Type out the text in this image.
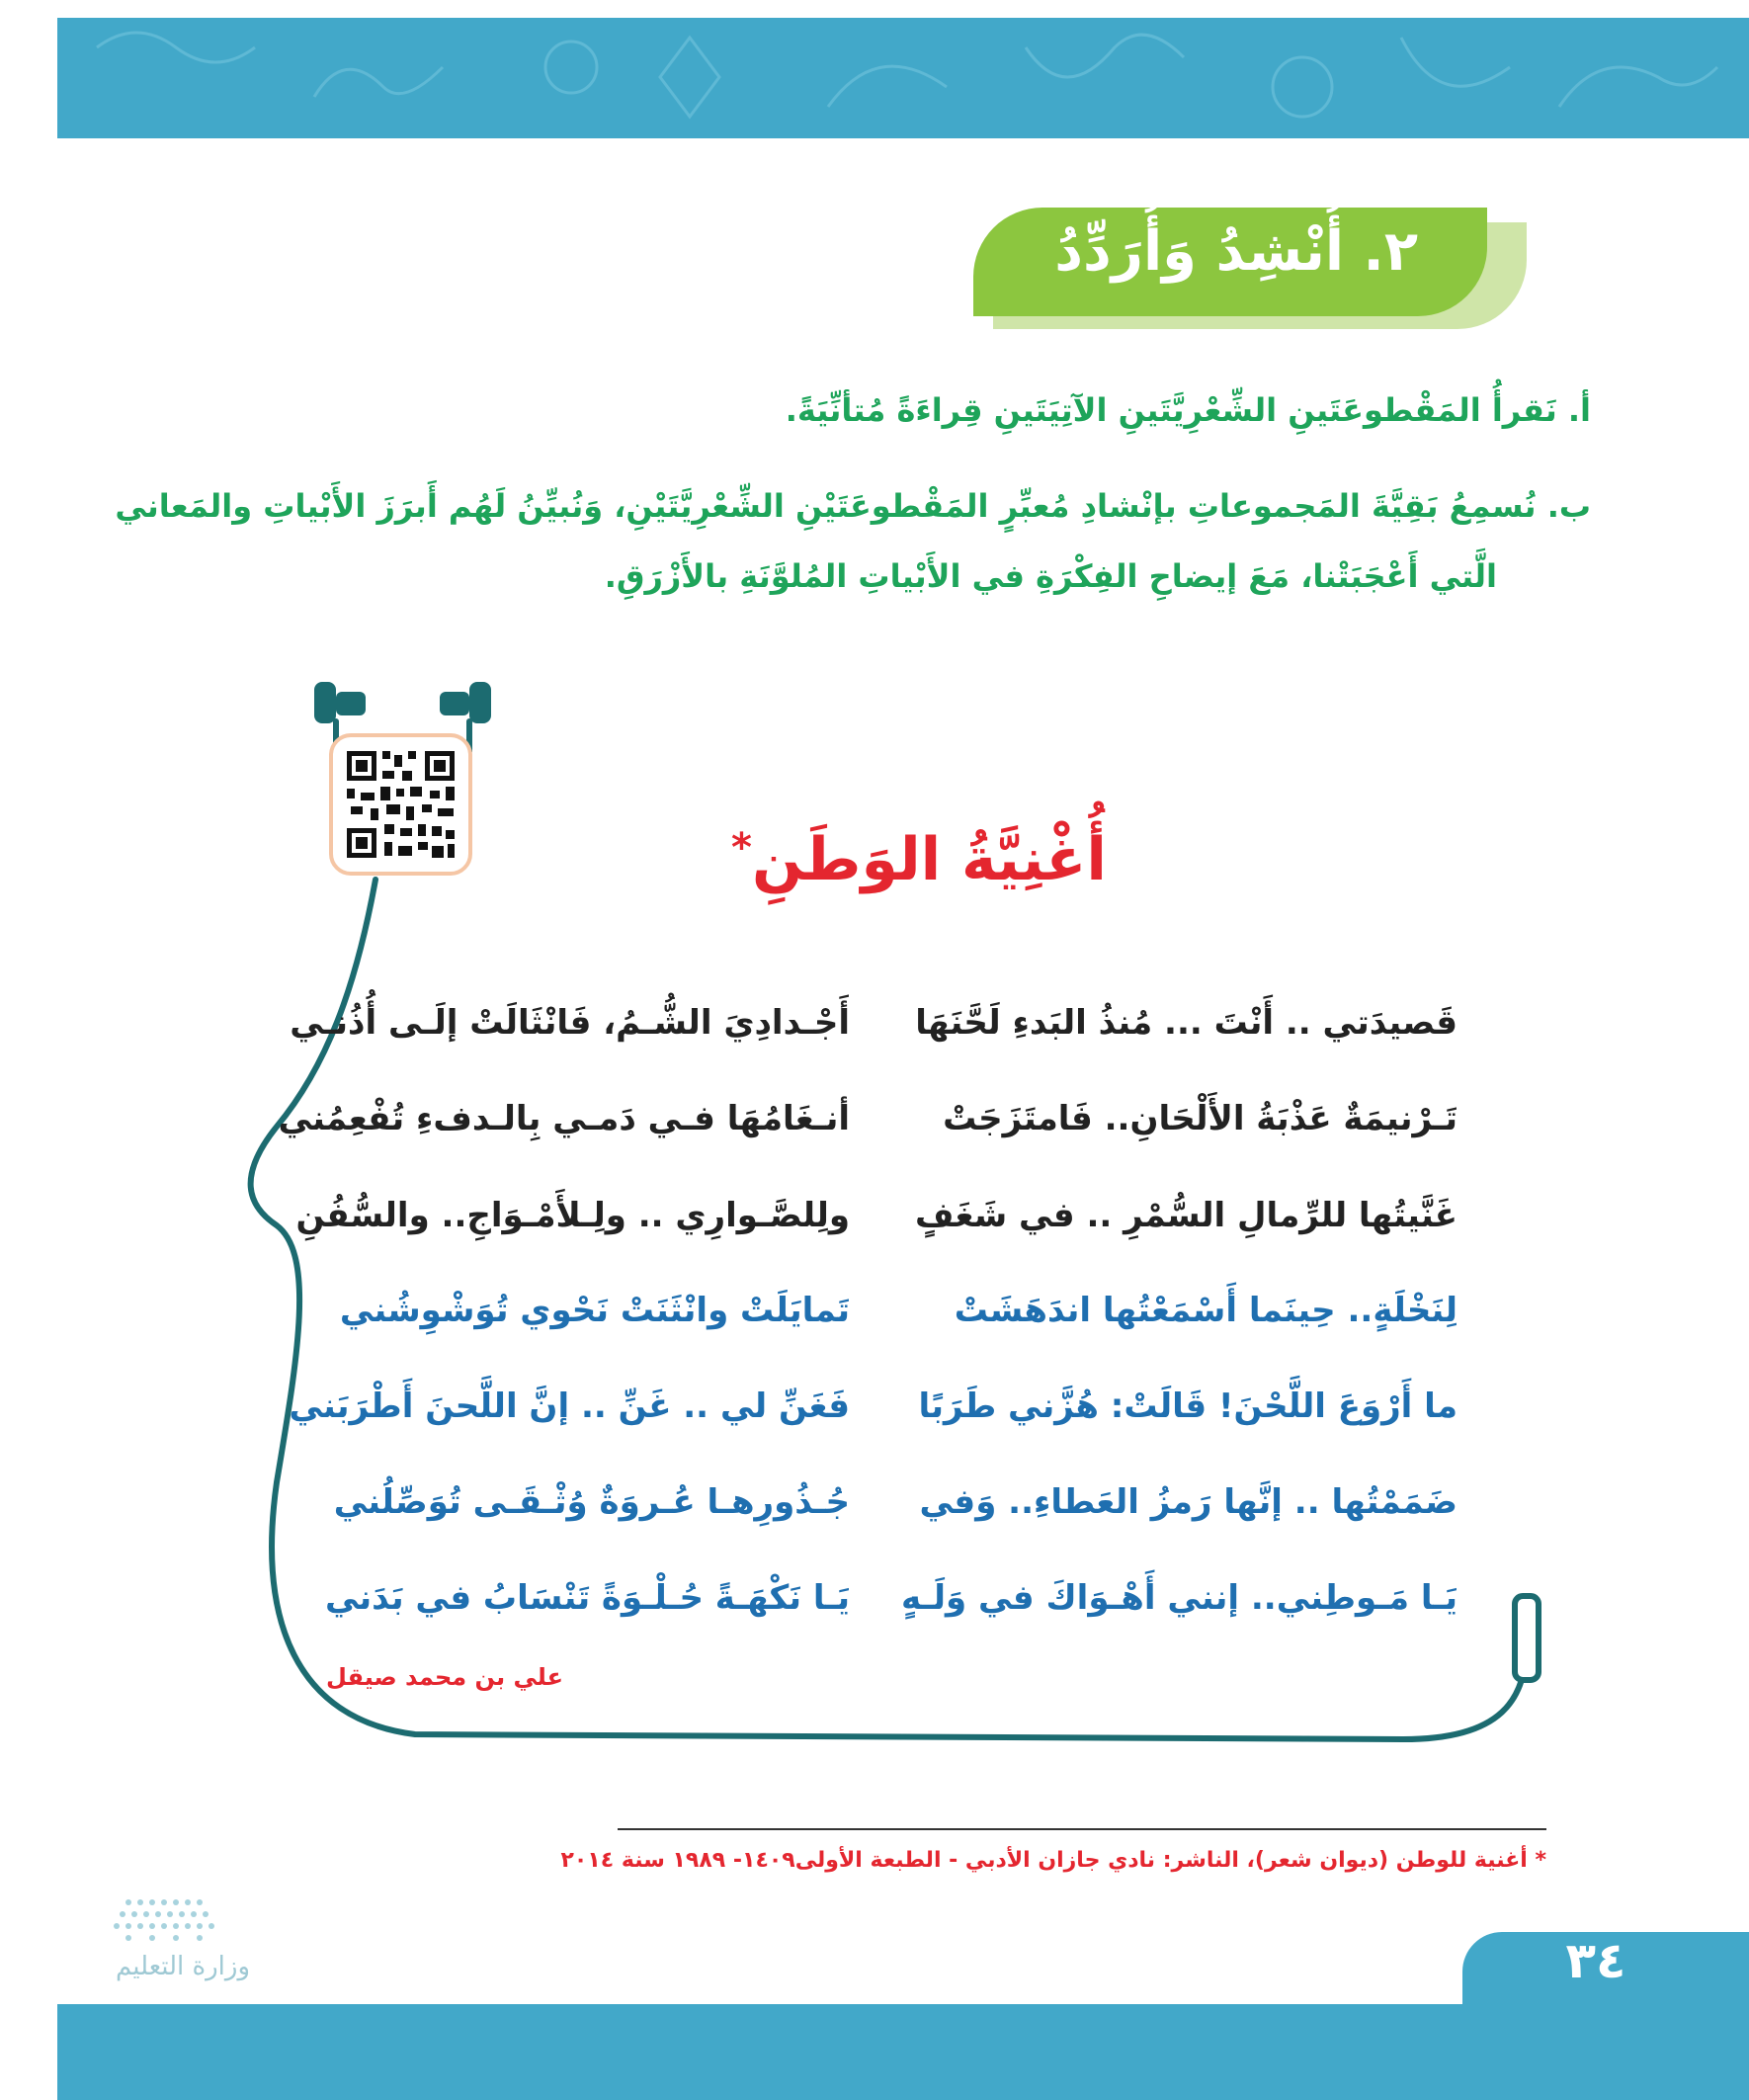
٢. أُنْشِدُ وَأُرَدِّدُ
أ. نَقرأُ المَقْطوعَتَينِ الشِّعْرِيَّتَينِ الآتِيَتَينِ قِراءَةً مُتأنِّيَةً.
ب. نُسمِعُ بَقِيَّةَ المَجموعاتِ بإنْشادِ مُعبِّرٍ المَقْطوعَتَيْنِ الشِّعْرِيَّتَيْنِ، وَنُبيِّنُ لَهُم أَبرَزَ الأَبْياتِ والمَعاني
الَّتي أَعْجَبَتْنا، مَعَ إيضاحِ الفِكْرَةِ في الأَبْياتِ المُلوَّنَةِ بالأَزْرَقِ.
أُغْنِيَّةُ الوَطَنِ*
قَصيدَتي .. أَنْتَ ... مُنذُ البَدءِ لَحَّنَهَا
أَجْـدادِيَ الشُّـمُ، فَانْثَالَتْ إلَـى أُذُنـي
تَـرْنيمَةٌ عَذْبَةُ الأَلْحَانِ.. فَامتَزَجَتْ
أنـغَامُهَا فـي دَمـي بِالـدفءِ تُفْعِمُني
غَنَّيتُها للرِّمالِ السُّمْرِ .. في شَغَفٍ
ولِلصَّـوارِي .. ولِـلأَمْـوَاجِ.. والسُّفُنِ
لِنَخْلَةٍ.. حِينَما أَسْمَعْتُها اندَهَشَتْ
تَمايَلَتْ وانْثَنَتْ نَحْوي تُوَشْوِشُني
ما أَرْوَعَ اللَّحْنَ! قَالَتْ: هُزَّني طَرَبًا
فَغَنِّ لي .. غَنِّ .. إنَّ اللَّحنَ أَطْرَبَني
ضَمَمْتُها .. إنَّها رَمزُ العَطاءِ.. وَفي
جُـذُورِهـا عُـروَةٌ وُثْـقَـى تُوَصِّلُني
يَـا مَـوطِني.. إنني أَهْـوَاكَ في وَلَـهٍ
يَـا نَكْهَـةً حُـلْـوَةً تَنْسَابُ في بَدَني
علي بن محمد صيقل
* أغنية للوطن (ديوان شعر)، الناشر: نادي جازان الأدبي - الطبعة الأولى١٤٠٩- ١٩٨٩ سنة ٢٠١٤
وزارة التعليم	٣٤
